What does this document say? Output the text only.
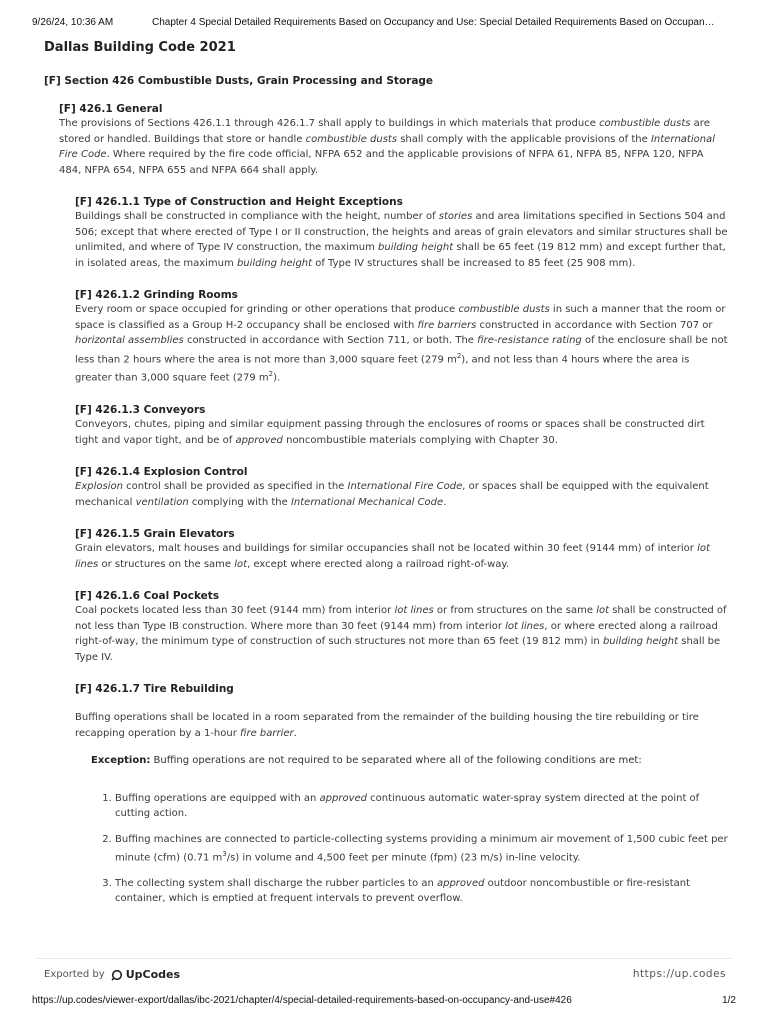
9/26/24, 10:36 AM	Chapter 4 Special Detailed Requirements Based on Occupancy and Use: Special Detailed Requirements Based on Occupan…
Dallas Building Code 2021
[F] Section 426 Combustible Dusts, Grain Processing and Storage
[F] 426.1 General

The provisions of Sections 426.1.1 through 426.1.7 shall apply to buildings in which materials that produce combustible dusts are stored or handled. Buildings that store or handle combustible dusts shall comply with the applicable provisions of the International Fire Code. Where required by the fire code official, NFPA 652 and the applicable provisions of NFPA 61, NFPA 85, NFPA 120, NFPA 484, NFPA 654, NFPA 655 and NFPA 664 shall apply.

[F] 426.1.1 Type of Construction and Height Exceptions

Buildings shall be constructed in compliance with the height, number of stories and area limitations specified in Sections 504 and 506; except that where erected of Type I or II construction, the heights and areas of grain elevators and similar structures shall be unlimited, and where of Type IV construction, the maximum building height shall be 65 feet (19 812 mm) and except further that, in isolated areas, the maximum building height of Type IV structures shall be increased to 85 feet (25 908 mm).

[F] 426.1.2 Grinding Rooms

Every room or space occupied for grinding or other operations that produce combustible dusts in such a manner that the room or space is classified as a Group H-2 occupancy shall be enclosed with fire barriers constructed in accordance with Section 707 or horizontal assemblies constructed in accordance with Section 711, or both. The fire-resistance rating of the enclosure shall be not less than 2 hours where the area is not more than 3,000 square feet (279 $m^2$), and not less than 4 hours where the area is greater than 3,000 square feet (279 $m^2$).

[F] 426.1.3 Conveyors

Conveyors, chutes, piping and similar equipment passing through the enclosures of rooms or spaces shall be constructed dirt tight and vapor tight, and be of approved noncombustible materials complying with Chapter 30.

[F] 426.1.4 Explosion Control

Explosion control shall be provided as specified in the International Fire Code, or spaces shall be equipped with the equivalent mechanical ventilation complying with the International Mechanical Code.

[F] 426.1.5 Grain Elevators

Grain elevators, malt houses and buildings for similar occupancies shall not be located within 30 feet (9144 mm) of interior lot lines or structures on the same lot, except where erected along a railroad right-of-way.

[F] 426.1.6 Coal Pockets

Coal pockets located less than 30 feet (9144 mm) from interior lot lines or from structures on the same lot shall be constructed of not less than Type IB construction. Where more than 30 feet (9144 mm) from interior lot lines, or where erected along a railroad right-of-way, the minimum type of construction of such structures not more than 65 feet (19 812 mm) in building height shall be Type IV.

[F] 426.1.7 Tire Rebuilding

Buffing operations shall be located in a room separated from the remainder of the building housing the tire rebuilding or tire recapping operation by a 1-hour fire barrier.

Exception: Buffing operations are not required to be separated where all of the following conditions are met:
1. Buffing operations are equipped with an approved continuous automatic water-spray system directed at the point of cutting action.
2. Buffing machines are connected to particle-collecting systems providing a minimum air movement of 1,500 cubic feet per minute (cfm) (0.71 $m^3/s$) in volume and 4,500 feet per minute (fpm) (23 m/s) in-line velocity.
3. The collecting system shall discharge the rubber particles to an approved outdoor noncombustible or fire-resistant container, which is emptied at frequent intervals to prevent overflow.
Exported by UpCodes	https://up.codes
https://up.codes/viewer-export/dallas/ibc-2021/chapter/4/special-detailed-requirements-based-on-occupancy-and-use#426	1/2
